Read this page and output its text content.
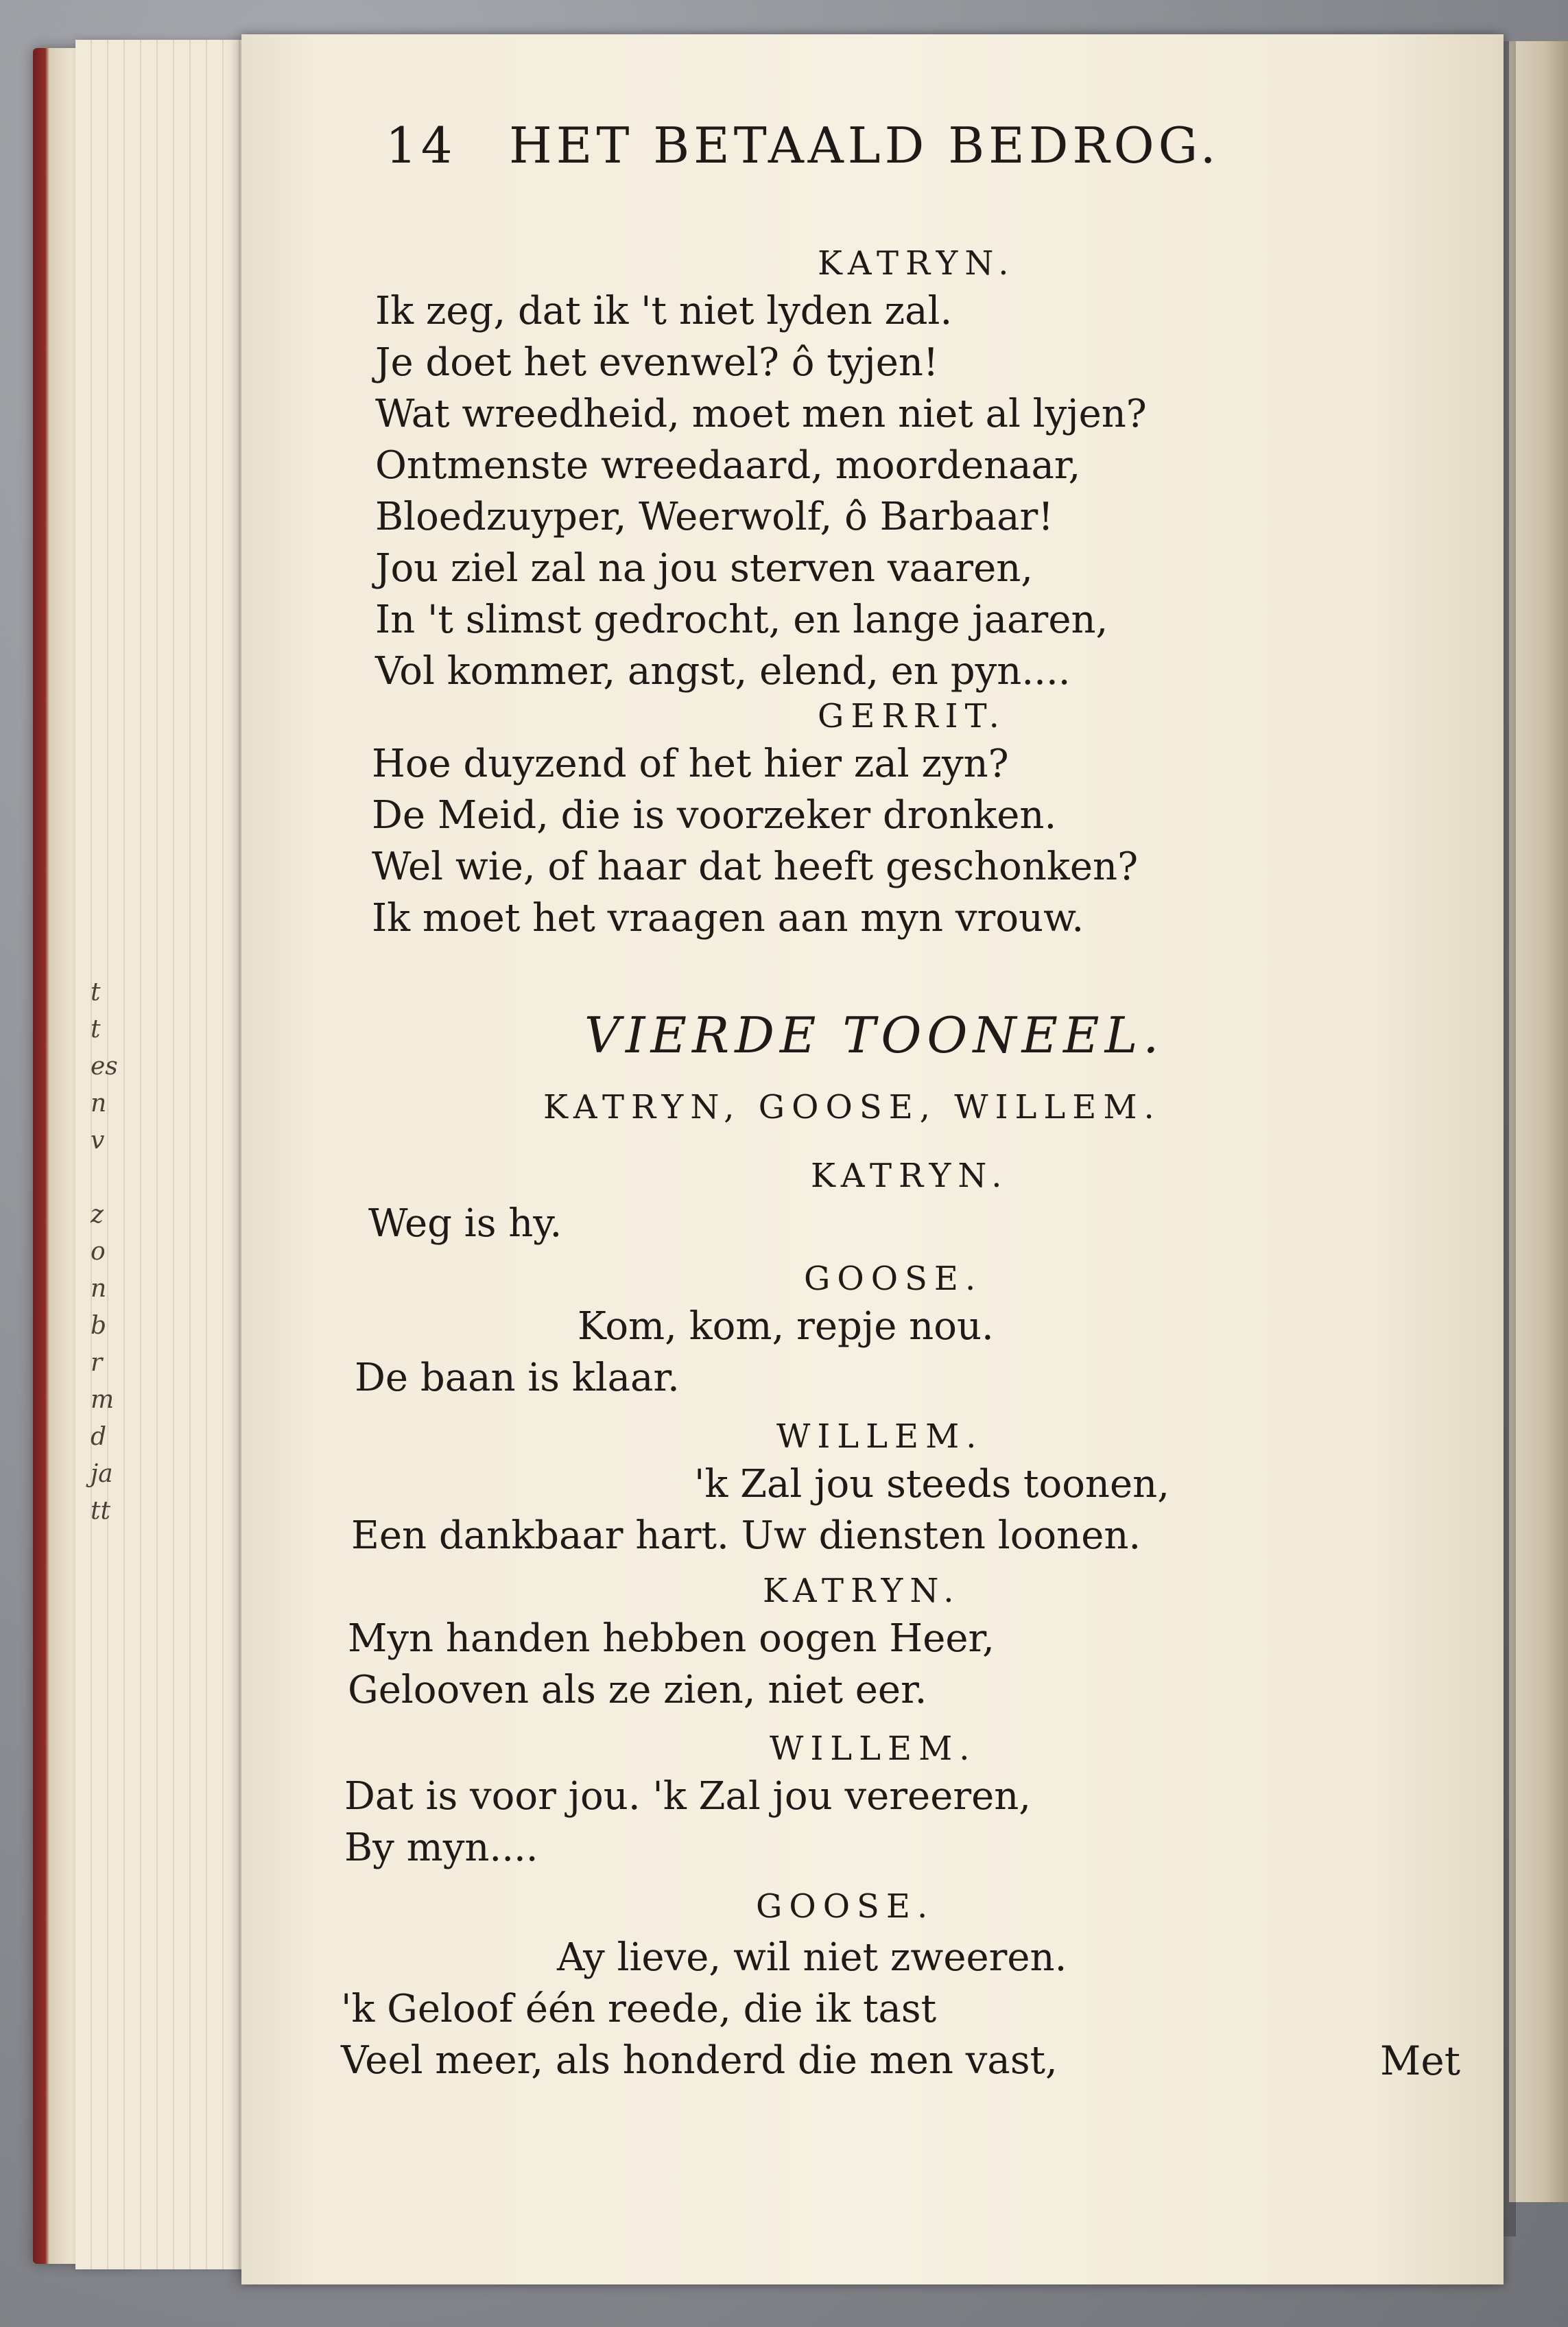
t
t
es
n
v

z
o
n
b
r
m
d
ja
tt
14 HET BETAALD BEDROG.
KATRYN.
Ik zeg, dat ik 't niet lyden zal.
Je doet het evenwel? ô tyjen!
Wat wreedheid, moet men niet al lyjen?
Ontmenste wreedaard, moordenaar,
Bloedzuyper, Weerwolf, ô Barbaar!
Jou ziel zal na jou sterven vaaren,
In 't slimst gedrocht, en lange jaaren,
Vol kommer, angst, elend, en pyn....
GERRIT.
Hoe duyzend of het hier zal zyn?
De Meid, die is voorzeker dronken.
Wel wie, of haar dat heeft geschonken?
Ik moet het vraagen aan myn vrouw.
VIERDE TOONEEL.
KATRYN, GOOSE, WILLEM.
KATRYN.
Weg is hy.
GOOSE.
Kom, kom, repje nou.
De baan is klaar.
WILLEM.
'k Zal jou steeds toonen,
Een dankbaar hart. Uw diensten loonen.
KATRYN.
Myn handen hebben oogen Heer,
Gelooven als ze zien, niet eer.
WILLEM.
Dat is voor jou. 'k Zal jou vereeren,
By myn....
GOOSE.
Ay lieve, wil niet zweeren.
'k Geloof één reede, die ik tast
Veel meer, als honderd die men vast,	Met
